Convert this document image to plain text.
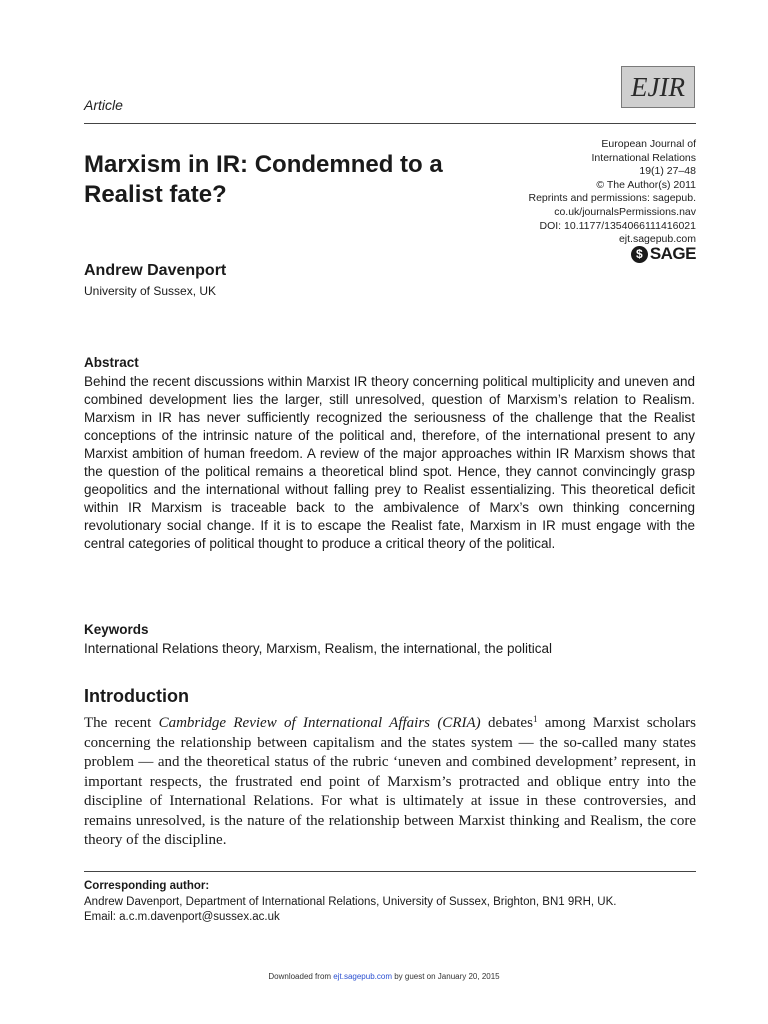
EJIR
Article
Marxism in IR: Condemned to a Realist fate?
European Journal of
International Relations
19(1) 27–48
© The Author(s) 2011
Reprints and permissions: sagepub.
co.uk/journalsPermissions.nav
DOI: 10.1177/1354066111416021
ejt.sagepub.com
$ SAGE
Andrew Davenport
University of Sussex, UK
Abstract

Behind the recent discussions within Marxist IR theory concerning political multiplicity and uneven and combined development lies the larger, still unresolved, question of Marxism’s relation to Realism. Marxism in IR has never sufficiently recognized the seriousness of the challenge that the Realist conceptions of the intrinsic nature of the political and, therefore, of the international present to any Marxist ambition of human freedom. A review of the major approaches within IR Marxism shows that the question of the political remains a theoretical blind spot. Hence, they cannot convincingly grasp geopolitics and the international without falling prey to Realist essentializing. This theoretical deficit within IR Marxism is traceable back to the ambivalence of Marx’s own thinking concerning revolutionary social change. If it is to escape the Realist fate, Marxism in IR must engage with the central categories of political thought to produce a critical theory of the political.

Keywords
International Relations theory, Marxism, Realism, the international, the political
Introduction

The recent Cambridge Review of International Affairs (CRIA) debates$^1$ among Marxist scholars concerning the relationship between capitalism and the states system — the so-called many states problem — and the theoretical status of the rubric ‘uneven and combined development’ represent, in important respects, the frustrated end point of Marxism’s protracted and oblique entry into the discipline of International Relations. For what is ultimately at issue in these controversies, and remains unresolved, is the nature of the relationship between Marxist thinking and Realism, the core theory of the discipline.

Corresponding author:
Andrew Davenport, Department of International Relations, University of Sussex, Brighton, BN1 9RH, UK.
Email: a.c.m.davenport@sussex.ac.uk
Downloaded from ejt.sagepub.com by guest on January 20, 2015
